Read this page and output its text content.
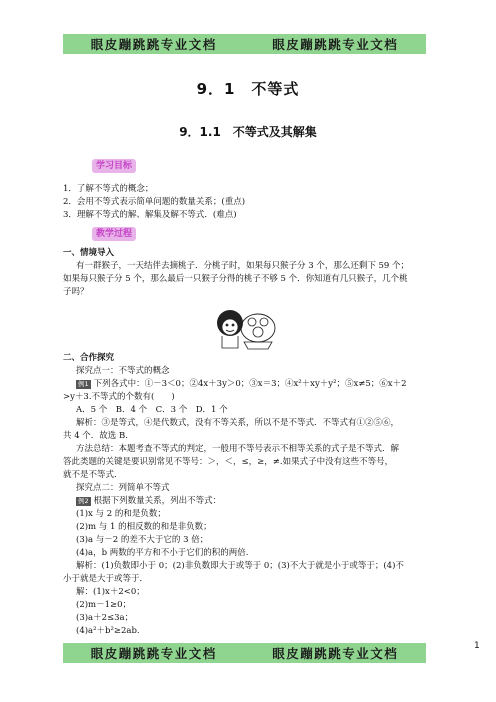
眼皮蹦跳跳专业文档	眼皮蹦跳跳专业文档
9．1　不等式
9．1.1　不等式及其解集
学习目标
1．了解不等式的概念；
2．会用不等式表示简单问题的数量关系；(重点)
3．理解不等式的解、解集及解不等式．(难点)
教学过程
一、情境导入
有一群猴子，一天结伴去摘桃子．分桃子时，如果每只猴子分 3 个，那么还剩下 59 个；
如果每只猴子分 5 个，那么最后一只猴子分得的桃子不够 5 个．你知道有几只猴子，几个桃
子吗？
二、合作探究
探究点一：不等式的概念
例1 下列各式中：①－3＜0；②4x＋3y＞0；③x＝3；④x²＋xy＋y²；⑤x≠5；⑥x＋2
>y＋3.不等式的个数有(　　)
A．5 个　B．4 个　C．3 个　D．1 个
解析：③是等式，④是代数式，没有不等关系，所以不是不等式．不等式有①②⑤⑥，
共 4 个．故选 B.
方法总结：本题考查不等式的判定，一般用不等号表示不相等关系的式子是不等式．解
答此类题的关键是要识别常见不等号：＞，＜，≤，≥，≠.如果式子中没有这些不等号，
就不是不等式．
探究点二：列简单不等式
例2 根据下列数量关系，列出不等式：
(1)x 与 2 的和是负数；
(2)m 与 1 的相反数的和是非负数；
(3)a 与－2 的差不大于它的 3 倍；
(4)a，b 两数的平方和不小于它们的积的两倍.
解析：(1)负数即小于 0；(2)非负数即大于或等于 0；(3)不大于就是小于或等于；(4)不
小于就是大于或等于．
解：(1)x＋2<0；
(2)m－1≥0；
(3)a＋2≤3a；
(4)a²＋b²≥2ab.
眼皮蹦跳跳专业文档	眼皮蹦跳跳专业文档	1
